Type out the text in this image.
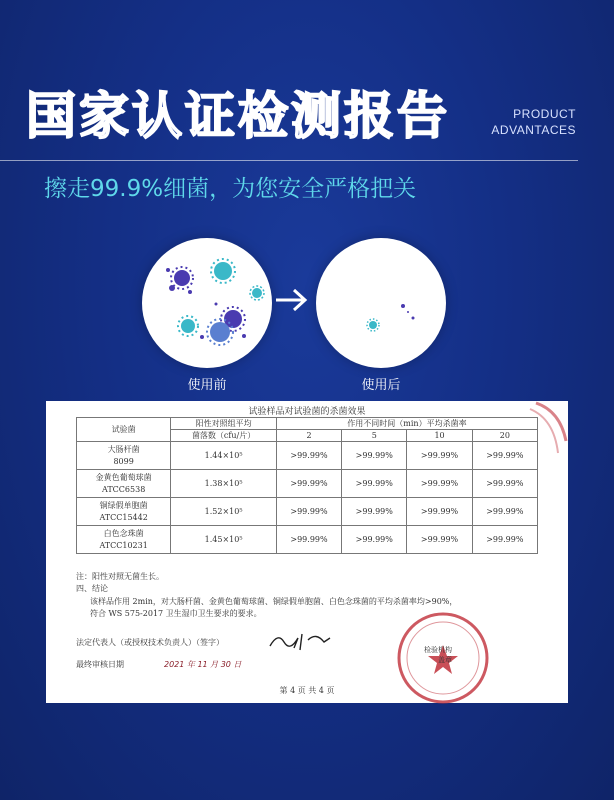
国家认证检测报告	PRODUCT
ADVANTACES
擦走99.9%细菌，为您安全严格把关
使用前	使用后
试验样品对试验菌的杀菌效果
试验菌	阳性对照组平均	作用不同时间（min）平均杀菌率			
	菌落数（cfu/片）	2	5	10	20

大肠杆菌
8099	1.44×10⁵	>99.99%	>99.99%	>99.99%	>99.99%

金黄色葡萄球菌
ATCC6538	1.38×10⁵	>99.99%	>99.99%	>99.99%	>99.99%

铜绿假单胞菌
ATCC15442	1.52×10⁵	>99.99%	>99.99%	>99.99%	>99.99%

白色念珠菌
ATCC10231	1.45×10⁵	>99.99%	>99.99%	>99.99%	>99.99%
注：阳性对照无菌生长。
四、结论
该样品作用 2min，对大肠杆菌、金黄色葡萄球菌、铜绿假单胞菌、白色念珠菌的平均杀菌率均>90%，
符合 WS 575-2017 卫生湿巾卫生要求的要求。
法定代表人（或授权技术负责人）（签字）
最终审核日期	2021 年 11 月 30 日
检验机构
盖章
第 4 页 共 4 页
